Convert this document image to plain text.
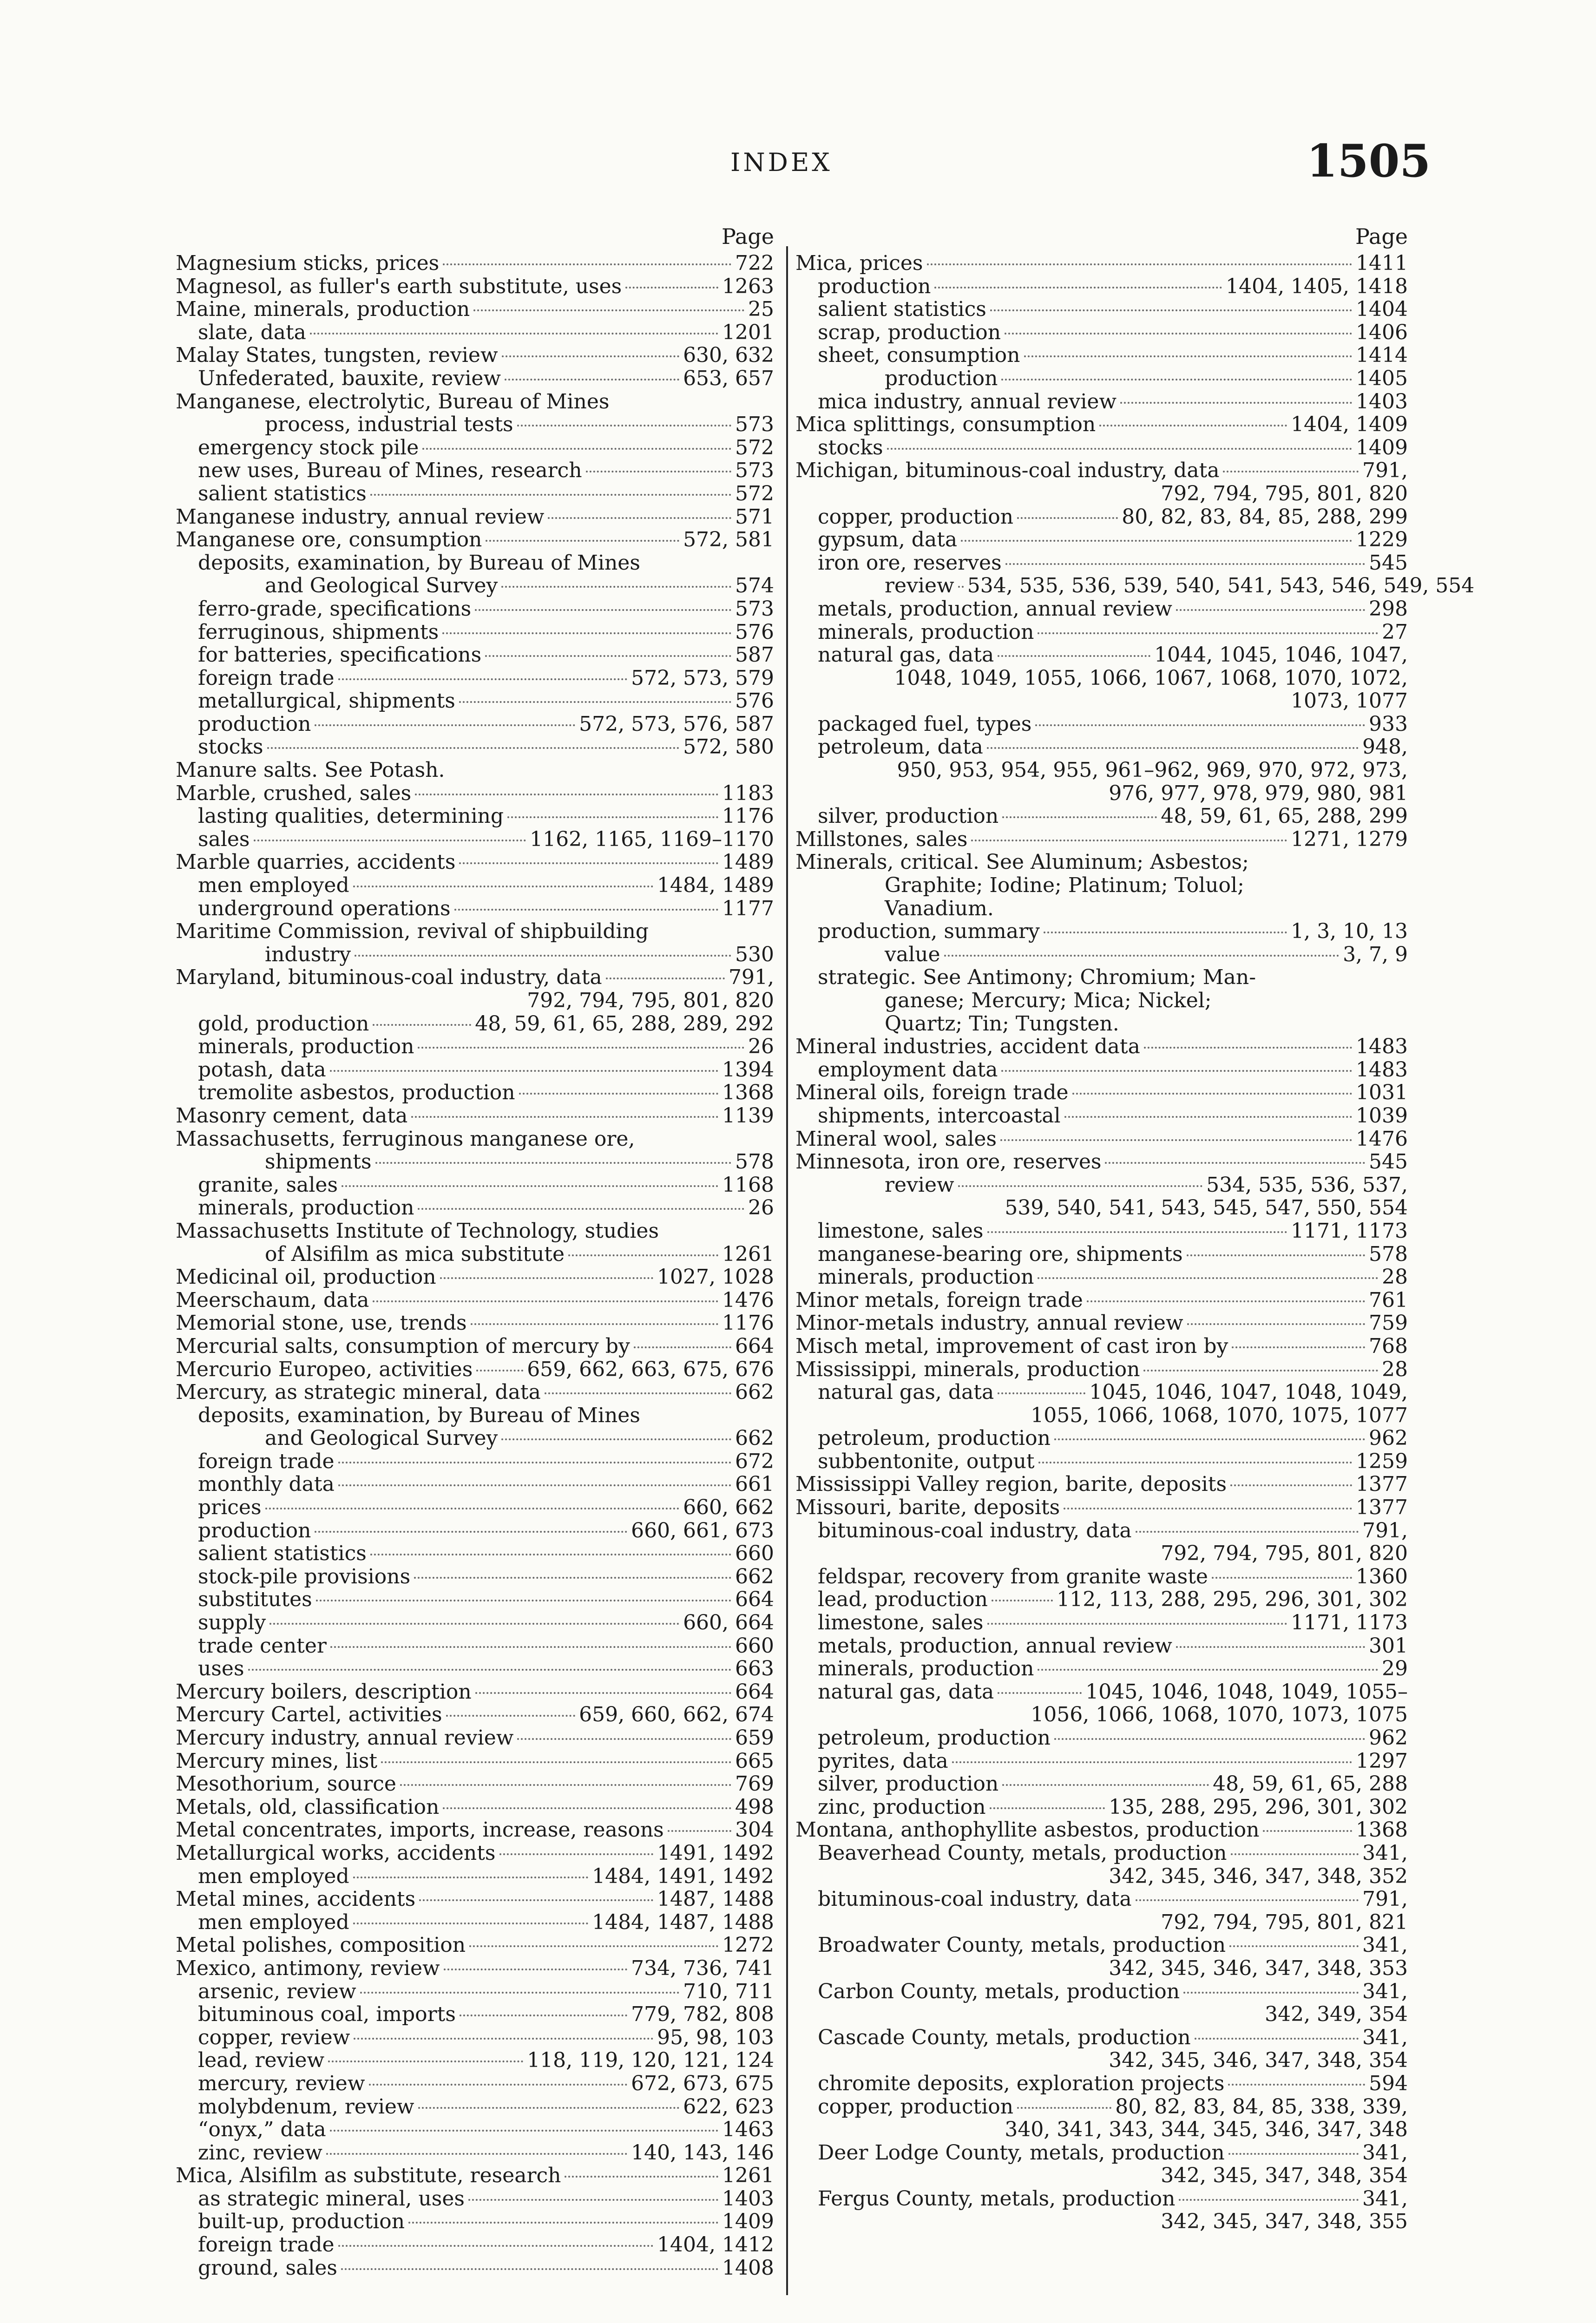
INDEX	1505
Page
Magnesium sticks, prices	722
Magnesol, as fuller's earth substitute, uses	1263
Maine, minerals, production	25
slate, data	1201
Malay States, tungsten, review	630, 632
Unfederated, bauxite, review	653, 657
Manganese, electrolytic, Bureau of Mines
process, industrial tests	573
emergency stock pile	572
new uses, Bureau of Mines, research	573
salient statistics	572
Manganese industry, annual review	571
Manganese ore, consumption	572, 581
deposits, examination, by Bureau of Mines
and Geological Survey	574
ferro-grade, specifications	573
ferruginous, shipments	576
for batteries, specifications	587
foreign trade	572, 573, 579
metallurgical, shipments	576
production	572, 573, 576, 587
stocks	572, 580
Manure salts. See Potash.
Marble, crushed, sales	1183
lasting qualities, determining	1176
sales	1162, 1165, 1169–1170
Marble quarries, accidents	1489
men employed	1484, 1489
underground operations	1177
Maritime Commission, revival of shipbuilding
industry	530
Maryland, bituminous-coal industry, data	791,
792, 794, 795, 801, 820
gold, production	48, 59, 61, 65, 288, 289, 292
minerals, production	26
potash, data	1394
tremolite asbestos, production	1368
Masonry cement, data	1139
Massachusetts, ferruginous manganese ore,
shipments	578
granite, sales	1168
minerals, production	26
Massachusetts Institute of Technology, studies
of Alsifilm as mica substitute	1261
Medicinal oil, production	1027, 1028
Meerschaum, data	1476
Memorial stone, use, trends	1176
Mercurial salts, consumption of mercury by	664
Mercurio Europeo, activities	659, 662, 663, 675, 676
Mercury, as strategic mineral, data	662
deposits, examination, by Bureau of Mines
and Geological Survey	662
foreign trade	672
monthly data	661
prices	660, 662
production	660, 661, 673
salient statistics	660
stock-pile provisions	662
substitutes	664
supply	660, 664
trade center	660
uses	663
Mercury boilers, description	664
Mercury Cartel, activities	659, 660, 662, 674
Mercury industry, annual review	659
Mercury mines, list	665
Mesothorium, source	769
Metals, old, classification	498
Metal concentrates, imports, increase, reasons	304
Metallurgical works, accidents	1491, 1492
men employed	1484, 1491, 1492
Metal mines, accidents	1487, 1488
men employed	1484, 1487, 1488
Metal polishes, composition	1272
Mexico, antimony, review	734, 736, 741
arsenic, review	710, 711
bituminous coal, imports	779, 782, 808
copper, review	95, 98, 103
lead, review	118, 119, 120, 121, 124
mercury, review	672, 673, 675
molybdenum, review	622, 623
“onyx,” data	1463
zinc, review	140, 143, 146
Mica, Alsifilm as substitute, research	1261
as strategic mineral, uses	1403
built-up, production	1409
foreign trade	1404, 1412
ground, sales	1408
Page
Mica, prices	1411
production	1404, 1405, 1418
salient statistics	1404
scrap, production	1406
sheet, consumption	1414
production	1405
mica industry, annual review	1403
Mica splittings, consumption	1404, 1409
stocks	1409
Michigan, bituminous-coal industry, data	791,
792, 794, 795, 801, 820
copper, production	80, 82, 83, 84, 85, 288, 299
gypsum, data	1229
iron ore, reserves	545
review 534, 535, 536, 539, 540, 541, 543, 546, 549, 554
metals, production, annual review	298
minerals, production	27
natural gas, data	1044, 1045, 1046, 1047,
1048, 1049, 1055, 1066, 1067, 1068, 1070, 1072,
1073, 1077
packaged fuel, types	933
petroleum, data	948,
950, 953, 954, 955, 961–962, 969, 970, 972, 973,
976, 977, 978, 979, 980, 981
silver, production	48, 59, 61, 65, 288, 299
Millstones, sales	1271, 1279
Minerals, critical. See Aluminum; Asbestos;
Graphite; Iodine; Platinum; Toluol;
Vanadium.
production, summary	1, 3, 10, 13
value	3, 7, 9
strategic. See Antimony; Chromium; Man-
ganese; Mercury; Mica; Nickel;
Quartz; Tin; Tungsten.
Mineral industries, accident data	1483
employment data	1483
Mineral oils, foreign trade	1031
shipments, intercoastal	1039
Mineral wool, sales	1476
Minnesota, iron ore, reserves	545
review	534, 535, 536, 537,
539, 540, 541, 543, 545, 547, 550, 554
limestone, sales	1171, 1173
manganese-bearing ore, shipments	578
minerals, production	28
Minor metals, foreign trade	761
Minor-metals industry, annual review	759
Misch metal, improvement of cast iron by	768
Mississippi, minerals, production	28
natural gas, data	1045, 1046, 1047, 1048, 1049,
1055, 1066, 1068, 1070, 1075, 1077
petroleum, production	962
subbentonite, output	1259
Mississippi Valley region, barite, deposits	1377
Missouri, barite, deposits	1377
bituminous-coal industry, data	791,
792, 794, 795, 801, 820
feldspar, recovery from granite waste	1360
lead, production	112, 113, 288, 295, 296, 301, 302
limestone, sales	1171, 1173
metals, production, annual review	301
minerals, production	29
natural gas, data	1045, 1046, 1048, 1049, 1055–
1056, 1066, 1068, 1070, 1073, 1075
petroleum, production	962
pyrites, data	1297
silver, production	48, 59, 61, 65, 288
zinc, production	135, 288, 295, 296, 301, 302
Montana, anthophyllite asbestos, production	1368
Beaverhead County, metals, production	341,
342, 345, 346, 347, 348, 352
bituminous-coal industry, data	791,
792, 794, 795, 801, 821
Broadwater County, metals, production	341,
342, 345, 346, 347, 348, 353
Carbon County, metals, production	341,
342, 349, 354
Cascade County, metals, production	341,
342, 345, 346, 347, 348, 354
chromite deposits, exploration projects	594
copper, production	80, 82, 83, 84, 85, 338, 339,
340, 341, 343, 344, 345, 346, 347, 348
Deer Lodge County, metals, production	341,
342, 345, 347, 348, 354
Fergus County, metals, production	341,
342, 345, 347, 348, 355
